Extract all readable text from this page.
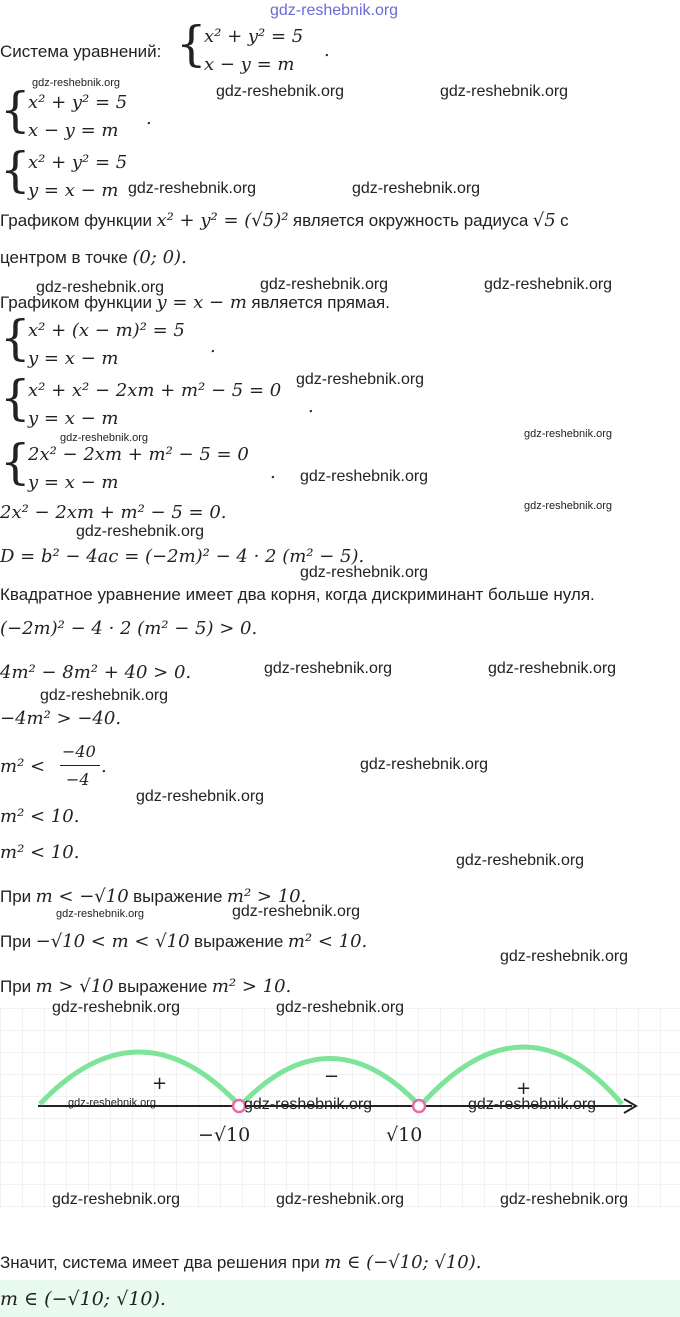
gdz-reshebnik.org
Система уравнений: {
x² + y² = 5
x − y = m
.
{
x² + y² = 5
x − y = m
.
{
x² + y² = 5
y = x − m
Графиком функции x² + y² = (√5)² является окружность радиуса √5 с
центром в точке (0; 0).
Графиком функции y = x − m является прямая.
{
x² + (x − m)² = 5
y = x − m
.
{
x² + x² − 2xm + m² − 5 = 0
y = x − m
.
{
2x² − 2xm + m² − 5 = 0
y = x − m	.
2x² − 2xm + m² − 5 = 0.
D = b² − 4ac = (−2m)² − 4 · 2 (m² − 5).
Квадратное уравнение имеет два корня, когда дискриминант больше нуля.
(−2m)² − 4 · 2 (m² − 5) > 0.
4m² − 8m² + 40 > 0.
−4m² > −40.
m² <
−40
−4
.
m² < 10.
m² < 10.
При m < −√10 выражение m² > 10.
При −√10 < m < √10 выражение m² < 10.
При m > √10 выражение m² > 10.
+	−
+
−√10	√10
Значит, система имеет два решения при m ∈ (−√10; √10).
m ∈ (−√10; √10).
gdz-reshebnik.org	gdz-reshebnik.org	gdz-reshebnik.org
gdz-reshebnik.org	gdz-reshebnik.org
gdz-reshebnik.org	gdz-reshebnik.org	gdz-reshebnik.org
gdz-reshebnik.org
gdz-reshebnik.org	gdz-reshebnik.org
gdz-reshebnik.org
gdz-reshebnik.org
gdz-reshebnik.org
gdz-reshebnik.org
gdz-reshebnik.org	gdz-reshebnik.org
gdz-reshebnik.org
gdz-reshebnik.org
gdz-reshebnik.org
gdz-reshebnik.org
gdz-reshebnik.org	gdz-reshebnik.org
gdz-reshebnik.org
gdz-reshebnik.org	gdz-reshebnik.org
gdz-reshebnik.org	gdz-reshebnik.org	gdz-reshebnik.org
gdz-reshebnik.org	gdz-reshebnik.org	gdz-reshebnik.org
